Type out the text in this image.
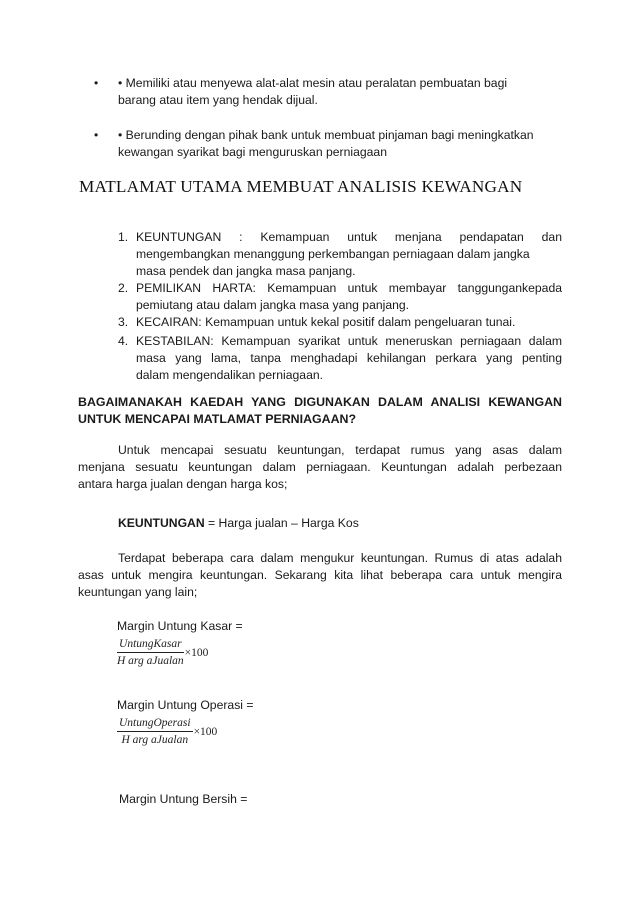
• • Memiliki atau menyewa alat-alat mesin atau peralatan pembuatan bagi
barang atau item yang hendak dijual.
• • Berunding dengan pihak bank untuk membuat pinjaman bagi meningkatkan
kewangan syarikat bagi menguruskan perniagaan
MATLAMAT UTAMA MEMBUAT ANALISIS KEWANGAN
1. KEUNTUNGAN : Kemampuan untuk menjana pendapatan dan
mengembangkan menanggung perkembangan perniagaan dalam jangka
masa pendek dan jangka masa panjang.
2. PEMILIKAN HARTA: Kemampuan untuk membayar tanggungankepada
pemiutang atau dalam jangka masa yang panjang.
3. KECAIRAN: Kemampuan untuk kekal positif dalam pengeluaran tunai.
4. KESTABILAN: Kemampuan syarikat untuk meneruskan perniagaan dalam
masa yang lama, tanpa menghadapi kehilangan perkara yang penting
dalam mengendalikan perniagaan.
BAGAIMANAKAH KAEDAH YANG DIGUNAKAN DALAM ANALISI KEWANGAN
UNTUK MENCAPAI MATLAMAT PERNIAGAAN?
Untuk mencapai sesuatu keuntungan, terdapat rumus yang asas dalam
menjana sesuatu keuntungan dalam perniagaan. Keuntungan adalah perbezaan
antara harga jualan dengan harga kos;
KEUNTUNGAN = Harga jualan – Harga Kos
Terdapat beberapa cara dalam mengukur keuntungan. Rumus di atas adalah
asas untuk mengira keuntungan. Sekarang kita lihat beberapa cara untuk mengira
keuntungan yang lain;
Margin Untung Kasar =
$\frac{\text{UntungKasar}}{\text{H arg aJualan}} \times 100$
Margin Untung Operasi =
$\frac{\text{UntungOperasi}}{\text{H arg aJualan}} \times 100$
Margin Untung Bersih =
